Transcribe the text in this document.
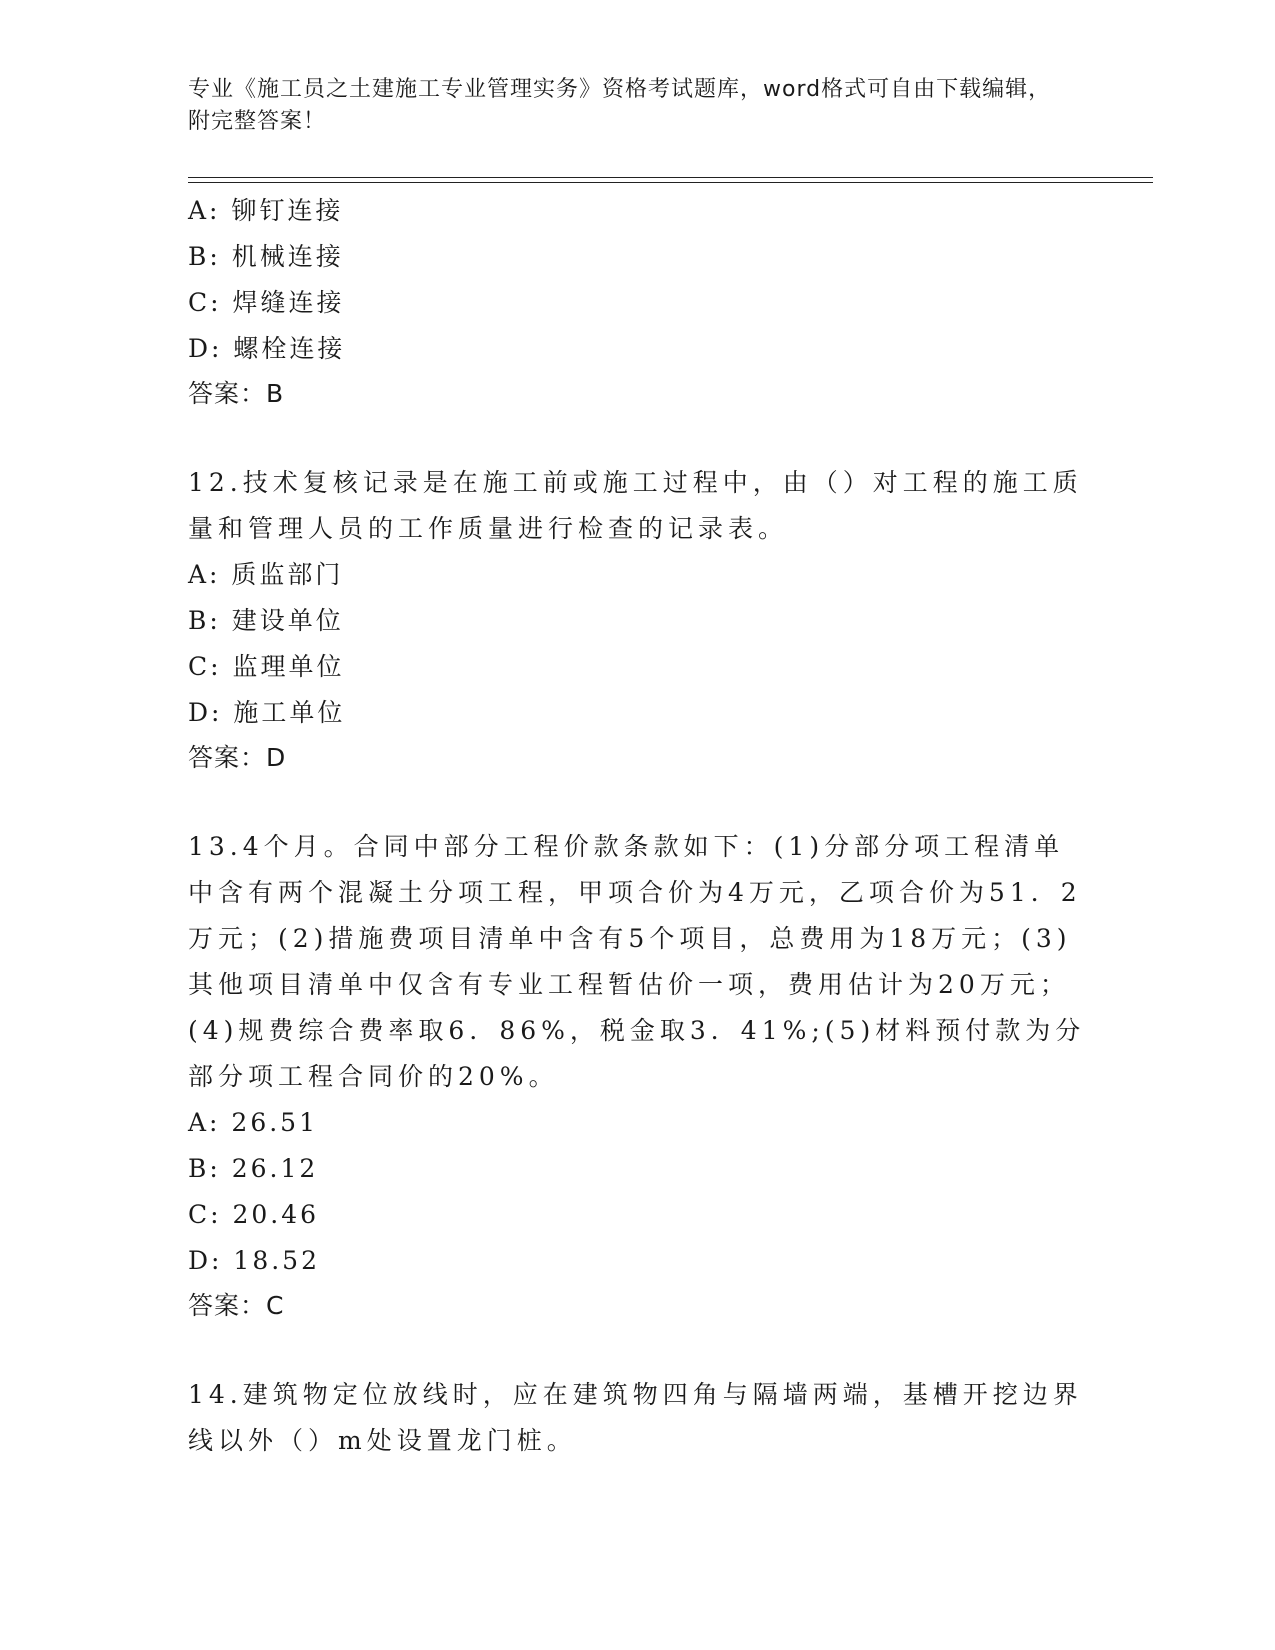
专业《施工员之土建施工专业管理实务》资格考试题库，word格式可自由下载编辑，附完整答案！

A: 铆钉连接

B: 机械连接

C: 焊缝连接

D: 螺栓连接

答案：B

12.技术复核记录是在施工前或施工过程中，由（）对工程的施工质量和管理人员的工作质量进行检查的记录表。

A: 质监部门

B: 建设单位

C: 监理单位

D: 施工单位

答案：D

13.4个月。合同中部分工程价款条款如下：(1)分部分项工程清单中含有两个混凝土分项工程，甲项合价为4万元，乙项合价为51．2万元；(2)措施费项目清单中含有5个项目，总费用为18万元；(3)其他项目清单中仅含有专业工程暂估价一项，费用估计为20万元；(4)规费综合费率取6．86%，税金取3．41%;(5)材料预付款为分部分项工程合同价的20%。

A: 26.51

B: 26.12

C: 20.46

D: 18.52

答案：C

14.建筑物定位放线时，应在建筑物四角与隔墙两端，基槽开挖边界线以外（）m处设置龙门桩。
